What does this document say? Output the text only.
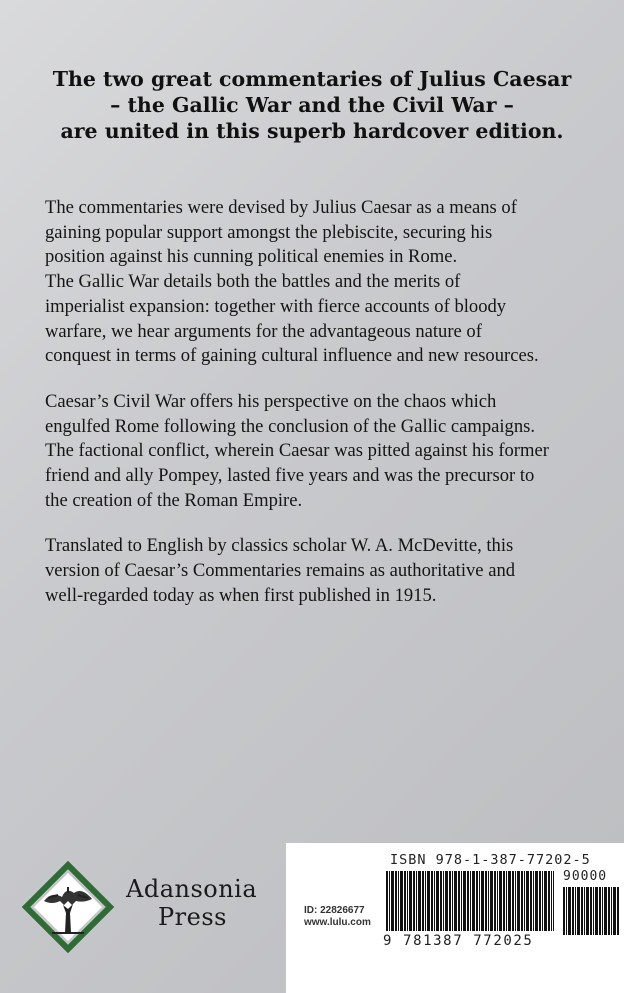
The two great commentaries of Julius Caesar
– the Gallic War and the Civil War –
are united in this superb hardcover edition.
The commentaries were devised by Julius Caesar as a means of
gaining popular support amongst the plebiscite, securing his
position against his cunning political enemies in Rome.
The Gallic War details both the battles and the merits of
imperialist expansion: together with fierce accounts of bloody
warfare, we hear arguments for the advantageous nature of
conquest in terms of gaining cultural influence and new resources.
Caesar’s Civil War offers his perspective on the chaos which
engulfed Rome following the conclusion of the Gallic campaigns.
The factional conflict, wherein Caesar was pitted against his former
friend and ally Pompey, lasted five years and was the precursor to
the creation of the Roman Empire.
Translated to English by classics scholar W. A. McDevitte, this
version of Caesar’s Commentaries remains as authoritative and
well-regarded today as when first published in 1915.
Adansonia
Press
ISBN 978-1-387-77202-5
ID: 22826677
www.lulu.com
90000
9 781387 772025
